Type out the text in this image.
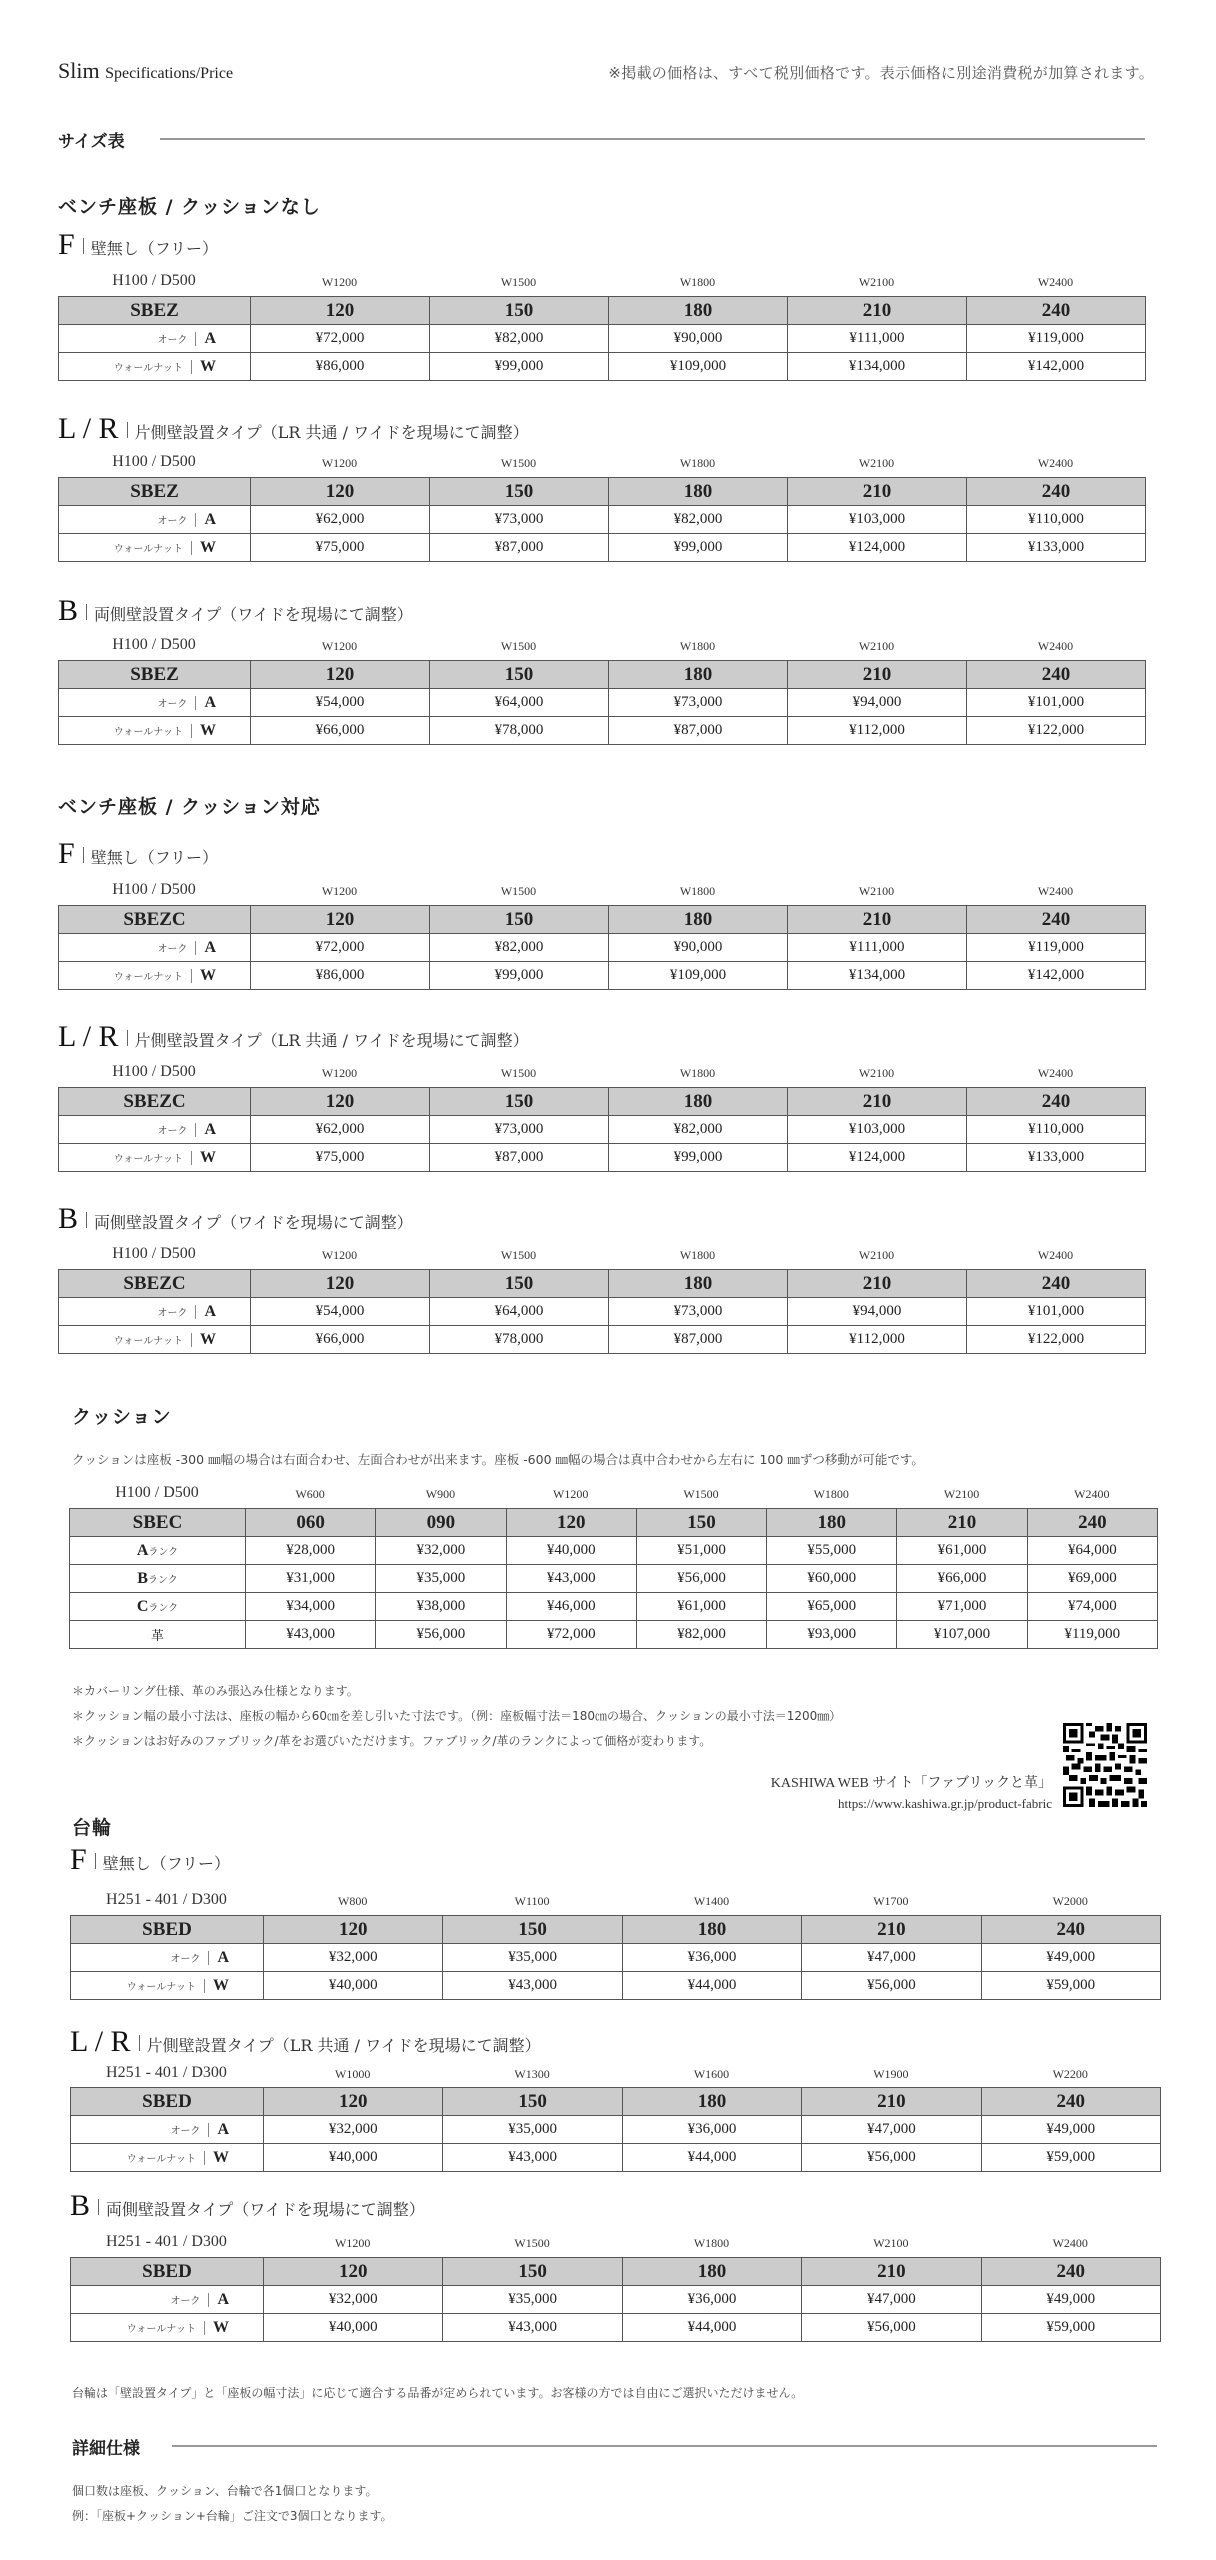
Slim Specifications/Price	※掲載の価格は、すべて税別価格です。表示価格に別途消費税が加算されます。
サイズ表
ベンチ座板 / クッションなし
F 壁無し（フリー）
H100 / D500	W1200	W1500	W1800	W2100	W2400
SBEZ	120	150	180	210	240
オーク A	¥72,000	¥82,000	¥90,000	¥111,000	¥119,000
ウォールナット W	¥86,000	¥99,000	¥109,000	¥134,000	¥142,000
L / R 片側壁設置タイプ（LR 共通 / ワイドを現場にて調整）
H100 / D500	W1200	W1500	W1800	W2100	W2400
SBEZ	120	150	180	210	240
オーク A	¥62,000	¥73,000	¥82,000	¥103,000	¥110,000
ウォールナット W	¥75,000	¥87,000	¥99,000	¥124,000	¥133,000
B 両側壁設置タイプ（ワイドを現場にて調整）
H100 / D500	W1200	W1500	W1800	W2100	W2400
SBEZ	120	150	180	210	240
オーク A	¥54,000	¥64,000	¥73,000	¥94,000	¥101,000
ウォールナット W	¥66,000	¥78,000	¥87,000	¥112,000	¥122,000
ベンチ座板 / クッション対応
F 壁無し（フリー）
H100 / D500	W1200	W1500	W1800	W2100	W2400
SBEZC	120	150	180	210	240
オーク A	¥72,000	¥82,000	¥90,000	¥111,000	¥119,000
ウォールナット W	¥86,000	¥99,000	¥109,000	¥134,000	¥142,000
L / R 片側壁設置タイプ（LR 共通 / ワイドを現場にて調整）
H100 / D500	W1200	W1500	W1800	W2100	W2400
SBEZC	120	150	180	210	240
オーク A	¥62,000	¥73,000	¥82,000	¥103,000	¥110,000
ウォールナット W	¥75,000	¥87,000	¥99,000	¥124,000	¥133,000
B 両側壁設置タイプ（ワイドを現場にて調整）
H100 / D500	W1200	W1500	W1800	W2100	W2400
SBEZC	120	150	180	210	240
オーク A	¥54,000	¥64,000	¥73,000	¥94,000	¥101,000
ウォールナット W	¥66,000	¥78,000	¥87,000	¥112,000	¥122,000
クッション
クッションは座板 -300 ㎜幅の場合は右面合わせ、左面合わせが出来ます。座板 -600 ㎜幅の場合は真中合わせから左右に 100 ㎜ずつ移動が可能です。
H100 / D500	W600	W900	W1200	W1500	W1800	W2100	W2400
SBEC	060	090	120	150	180	210	240
Aランク	¥28,000	¥32,000	¥40,000	¥51,000	¥55,000	¥61,000	¥64,000
Bランク	¥31,000	¥35,000	¥43,000	¥56,000	¥60,000	¥66,000	¥69,000
Cランク	¥34,000	¥38,000	¥46,000	¥61,000	¥65,000	¥71,000	¥74,000
革	¥43,000	¥56,000	¥72,000	¥82,000	¥93,000	¥107,000	¥119,000
＊カバーリング仕様、革のみ張込み仕様となります。
＊クッション幅の最小寸法は、座板の幅から60㎝を差し引いた寸法です。（例：座板幅寸法＝180㎝の場合、クッションの最小寸法＝1200㎜）
＊クッションはお好みのファブリック/革をお選びいただけます。ファブリック/革のランクによって価格が変わります。
KASHIWA WEB サイト「ファブリックと革」
https://www.kashiwa.gr.jp/product-fabric
台輪
F 壁無し（フリー）
H251 - 401 / D300	W800	W1100	W1400	W1700	W2000
SBED	120	150	180	210	240
オーク A	¥32,000	¥35,000	¥36,000	¥47,000	¥49,000
ウォールナット W	¥40,000	¥43,000	¥44,000	¥56,000	¥59,000
L / R 片側壁設置タイプ（LR 共通 / ワイドを現場にて調整）
H251 - 401 / D300	W1000	W1300	W1600	W1900	W2200
SBED	120	150	180	210	240
オーク A	¥32,000	¥35,000	¥36,000	¥47,000	¥49,000
ウォールナット W	¥40,000	¥43,000	¥44,000	¥56,000	¥59,000
B 両側壁設置タイプ（ワイドを現場にて調整）
H251 - 401 / D300	W1200	W1500	W1800	W2100	W2400
SBED	120	150	180	210	240
オーク A	¥32,000	¥35,000	¥36,000	¥47,000	¥49,000
ウォールナット W	¥40,000	¥43,000	¥44,000	¥56,000	¥59,000
台輪は「壁設置タイプ」と「座板の幅寸法」に応じて適合する品番が定められています。お客様の方では自由にご選択いただけません。
詳細仕様
個口数は座板、クッション、台輪で各1個口となります。
例：「座板+クッション+台輪」ご注文で3個口となります。
